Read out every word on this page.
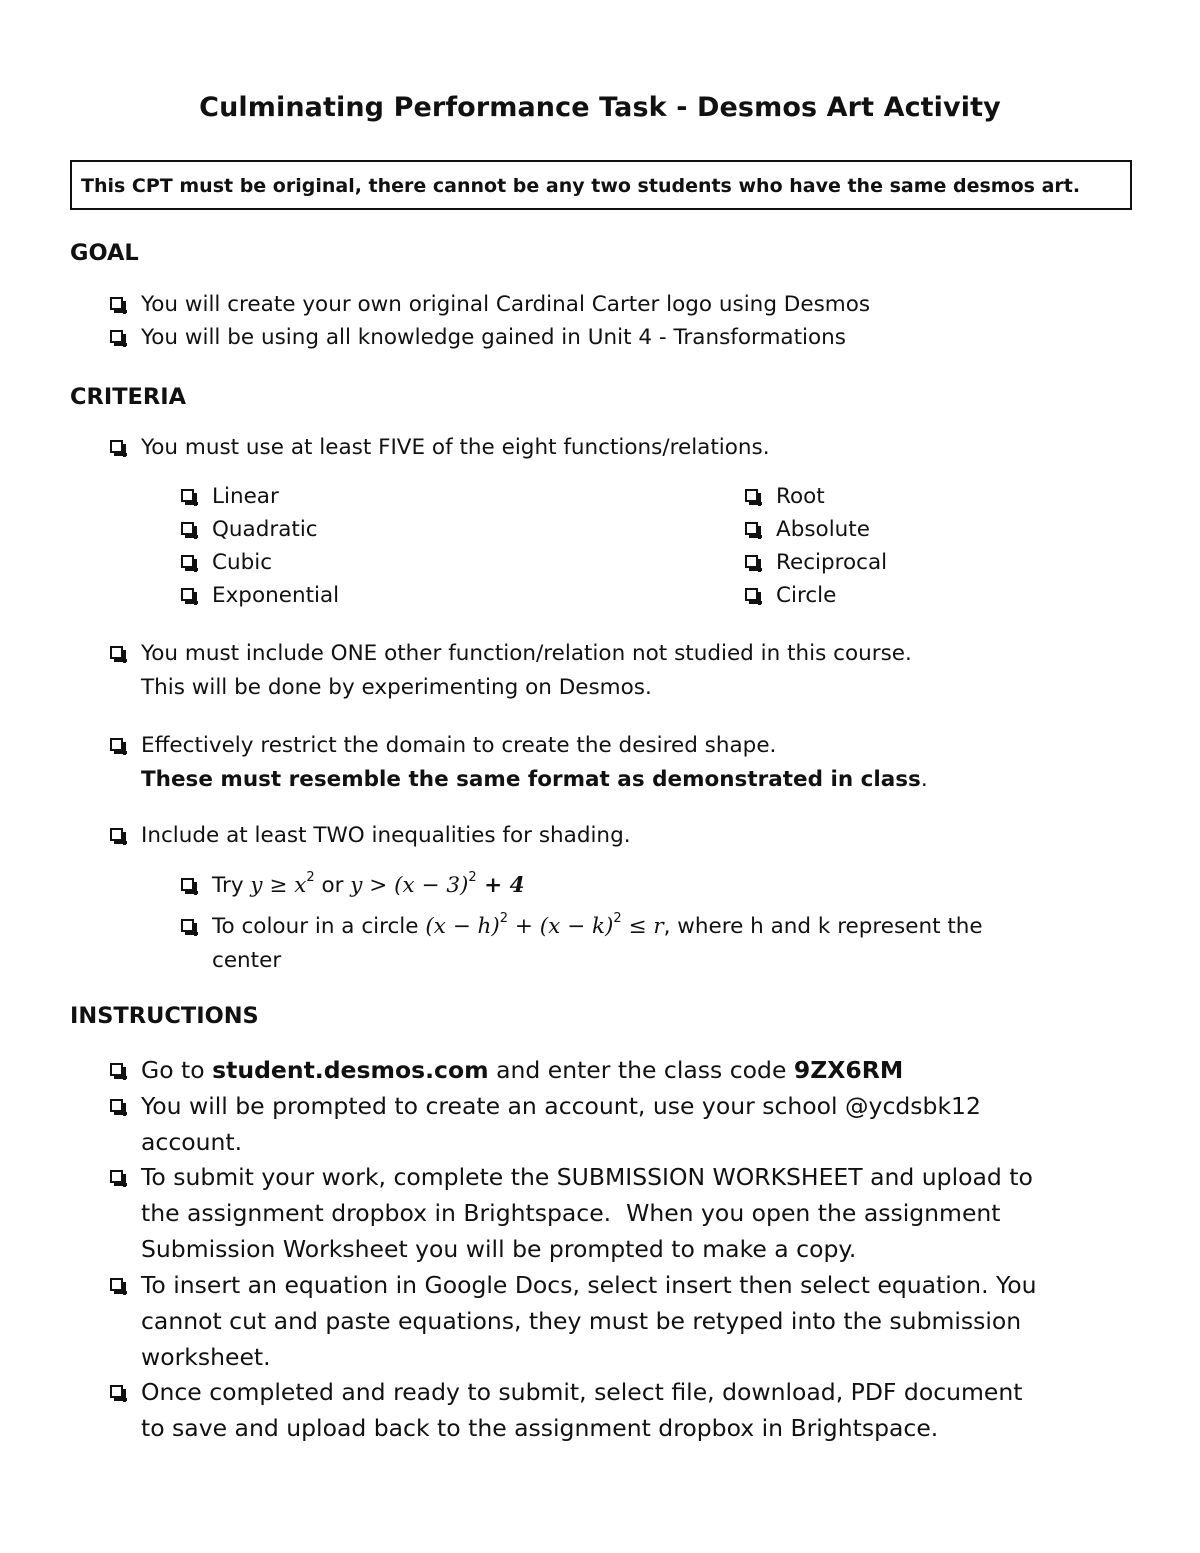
Culminating Performance Task - Desmos Art Activity
This CPT must be original, there cannot be any two students who have the same desmos art.
GOAL
You will create your own original Cardinal Carter logo using Desmos
You will be using all knowledge gained in Unit 4 - Transformations
CRITERIA
You must use at least FIVE of the eight functions/relations.
Linear
Quadratic
Cubic
Exponential
Root
Absolute
Reciprocal
Circle
You must include ONE other function/relation not studied in this course.
This will be done by experimenting on Desmos.
Effectively restrict the domain to create the desired shape.
These must resemble the same format as demonstrated in class.
Include at least TWO inequalities for shading.
Try $y \ge x^2$ or $y > (x - 3)^2 + 4$
To colour in a circle $(x - h)^2 + (x - k)^2 \le r$, where h and k represent the
center
INSTRUCTIONS
Go to student.desmos.com and enter the class code 9ZX6RM
You will be prompted to create an account, use your school @ycdsbk12
account.
To submit your work, complete the SUBMISSION WORKSHEET and upload to
the assignment dropbox in Brightspace.  When you open the assignment
Submission Worksheet you will be prompted to make a copy.
To insert an equation in Google Docs, select insert then select equation. You
cannot cut and paste equations, they must be retyped into the submission
worksheet.
Once completed and ready to submit, select file, download, PDF document
to save and upload back to the assignment dropbox in Brightspace.
